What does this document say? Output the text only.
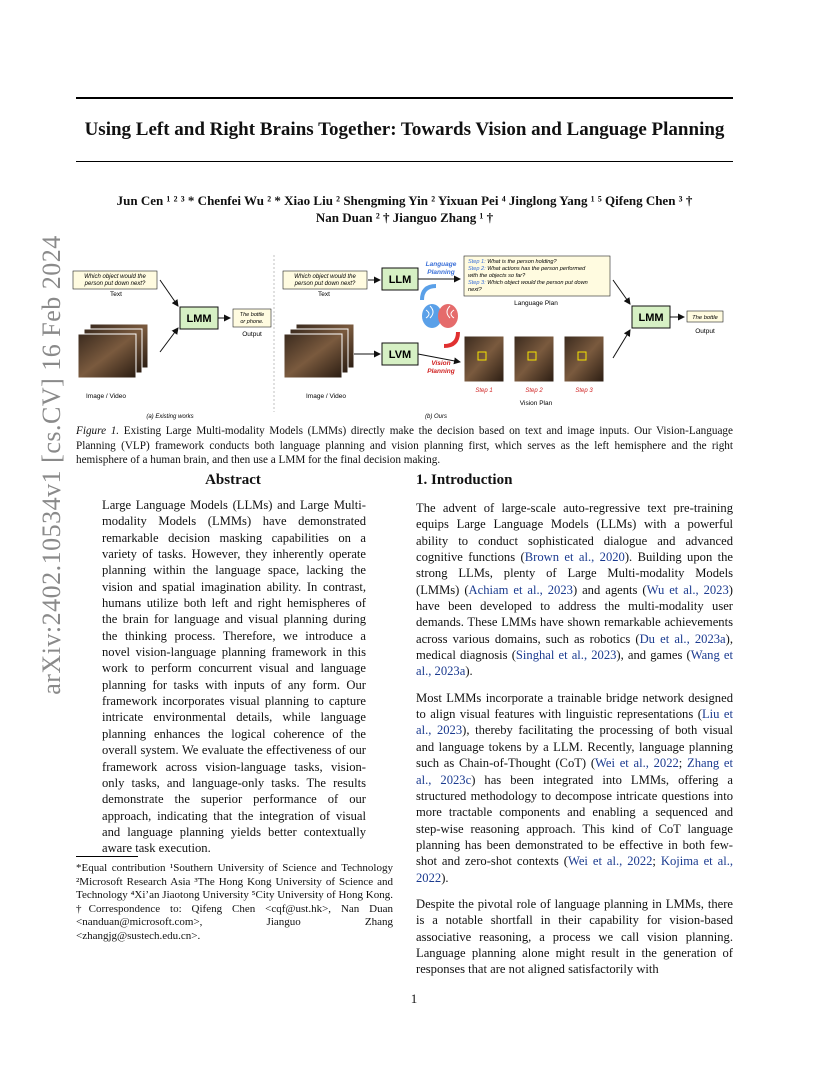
Using Left and Right Brains Together: Towards Vision and Language Planning
Jun Cen ¹ ² ³ * Chenfei Wu ² * Xiao Liu ² Shengming Yin ² Yixuan Pei ⁴ Jinglong Yang ¹ ⁵ Qifeng Chen ³ †
Nan Duan ² † Jianguo Zhang ¹ †
arXiv:2402.10534v1 [cs.CV] 16 Feb 2024	Which object would the
person put down next?
Text
Image / Video
LMM	The bottle
or phone.
Output
(a) Existing works
Which object would the
person put down next?
Text
Image / Video
LLM
LVM
Language
Planning
Vision
Planning
Step 1: What is the person holding?
Step 2: What actions has the person performed
with the objects so far?
Step 3: Which object would the person put down
next?
Language Plan
Step 1	Step 2	Step 3
Vision Plan
LMM	The bottle
Output
(b) Ours
Figure 1. Existing Large Multi-modality Models (LMMs) directly make the decision based on text and image inputs. Our Vision-Language Planning (VLP) framework conducts both language planning and vision planning first, which serves as the left hemisphere and the right hemisphere of a human brain, and then use a LMM for the final decision making.
Abstract
Large Language Models (LLMs) and Large Multi-modality Models (LMMs) have demonstrated remarkable decision masking capabilities on a variety of tasks. However, they inherently operate planning within the language space, lacking the vision and spatial imagination ability. In contrast, humans utilize both left and right hemispheres of the brain for language and visual planning during the thinking process. Therefore, we introduce a novel vision-language planning framework in this work to perform concurrent visual and language planning for tasks with inputs of any form. Our framework incorporates visual planning to capture intricate environmental details, while language planning enhances the logical coherence of the overall system. We evaluate the effectiveness of our framework across vision-language tasks, vision-only tasks, and language-only tasks. The results demonstrate the superior performance of our approach, indicating that the integration of visual and language planning yields better contextually aware task execution.
*Equal contribution ¹Southern University of Science and Technology ²Microsoft Research Asia ³The Hong Kong University of Science and Technology ⁴Xi’an Jiaotong University ⁵City University of Hong Kong. †Correspondence to: Qifeng Chen <cqf@ust.hk>, Nan Duan <nanduan@microsoft.com>, Jianguo Zhang <zhangjg@sustech.edu.cn>.
1. Introduction

The advent of large-scale auto-regressive text pre-training equips Large Language Models (LLMs) with a powerful ability to conduct sophisticated dialogue and advanced cognitive functions (Brown et al., 2020). Building upon the strong LLMs, plenty of Large Multi-modality Models (LMMs) (Achiam et al., 2023) and agents (Wu et al., 2023) have been developed to address the multi-modality user demands. These LMMs have shown remarkable achievements across various domains, such as robotics (Du et al., 2023a), medical diagnosis (Singhal et al., 2023), and games (Wang et al., 2023a).

Most LMMs incorporate a trainable bridge network designed to align visual features with linguistic representations (Liu et al., 2023), thereby facilitating the processing of both visual and language tokens by a LLM. Recently, language planning such as Chain-of-Thought (CoT) (Wei et al., 2022; Zhang et al., 2023c) has been integrated into LMMs, offering a structured methodology to decompose intricate questions into more tractable components and enabling a sequenced and step-wise reasoning approach. This kind of CoT language planning has been demonstrated to be effective in both few-shot and zero-shot contexts (Wei et al., 2022; Kojima et al., 2022).

Despite the pivotal role of language planning in LMMs, there is a notable shortfall in their capability for vision-based associative reasoning, a process we call vision planning. Language planning alone might result in the generation of responses that are not aligned satisfactorily with

1
